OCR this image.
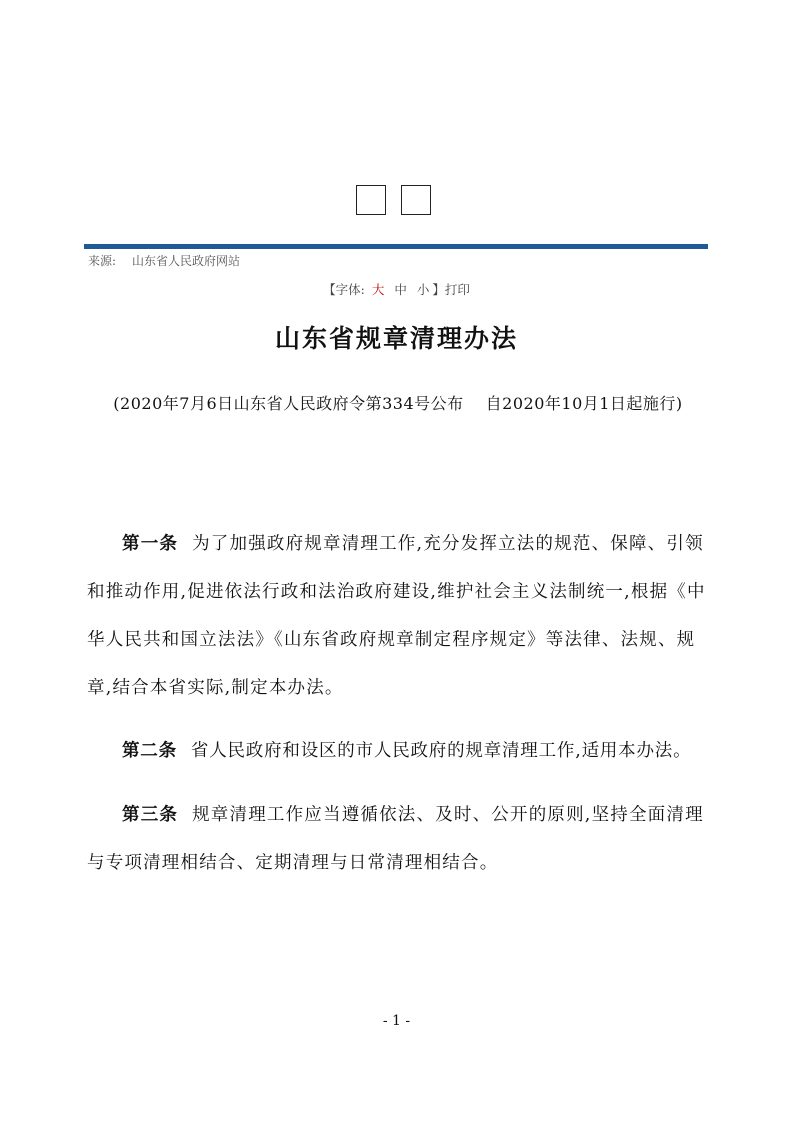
来源: 山东省人民政府网站
【字体: 大 中 小 】打印
山东省规章清理办法
(2020年7月6日山东省人民政府令第334号公布 自2020年10月1日起施行)

第一条 为了加强政府规章清理工作,充分发挥立法的规范、保障、引领和推动作用,促进依法行政和法治政府建设,维护社会主义法制统一,根据《中华人民共和国立法法》《山东省政府规章制定程序规定》等法律、法规、规章,结合本省实际,制定本办法。

第二条 省人民政府和设区的市人民政府的规章清理工作,适用本办法。

第三条 规章清理工作应当遵循依法、及时、公开的原则,坚持全面清理与专项清理相结合、定期清理与日常清理相结合。

- 1 -
